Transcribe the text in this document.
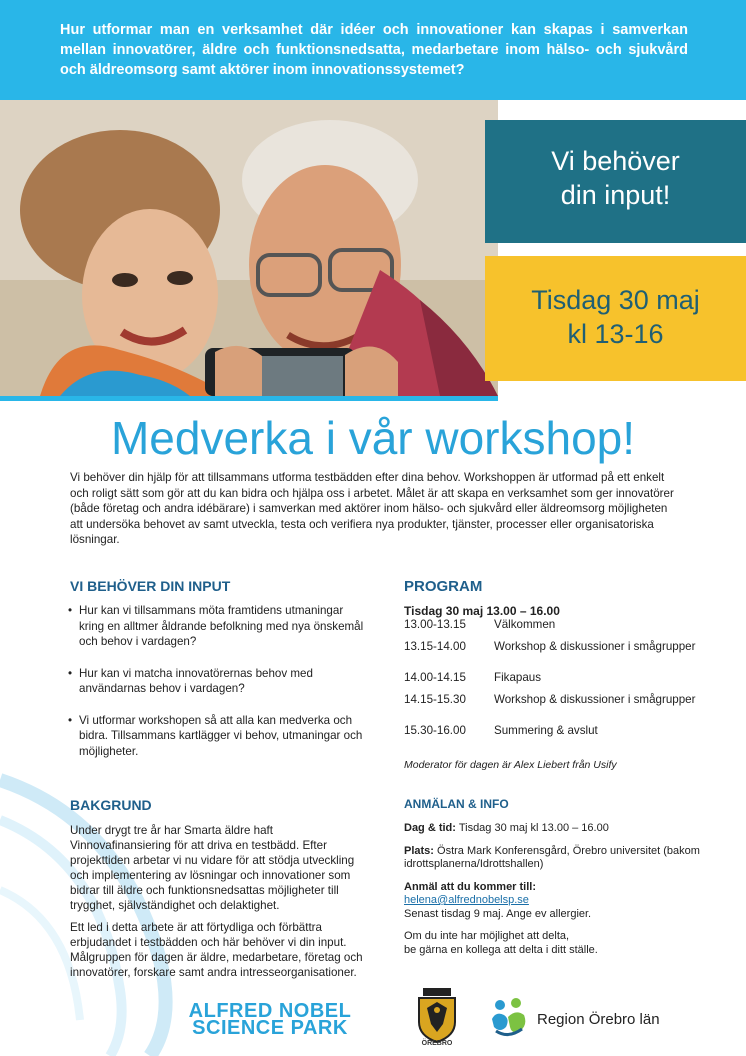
Hur utformar man en verksamhet där idéer och innovationer kan skapas i samverkan mellan innovatörer, äldre och funktionsnedsatta, medarbetare inom hälso- och sjukvård och äldreomsorg samt aktörer inom innovationssystemet?

Vi behöver
din input!
Tisdag 30 maj
kl 13-16
Medverka i vår workshop!

Vi behöver din hjälp för att tillsammans utforma testbädden efter dina behov. Workshoppen är utformad på ett enkelt och roligt sätt som gör att du kan bidra och hjälpa oss i arbetet. Målet är att skapa en verksamhet som ger innovatörer (både företag och andra idébärare) i samverkan med aktörer inom hälso- och sjukvård eller äldreomsorg möjligheten att undersöka behovet av samt utveckla, testa och verifiera nya produkter, tjänster, processer eller organisatoriska lösningar.

VI BEHÖVER DIN INPUT
• Hur kan vi tillsammans möta framtidens utmaningar kring en alltmer åldrande befolkning med nya önskemål och behov i vardagen?
• Hur kan vi matcha innovatörernas behov med användarnas behov i vardagen?
• Vi utformar workshopen så att alla kan medverka och bidra. Tillsammans kartlägger vi behov, utmaningar och möjligheter.
PROGRAM
Tisdag 30 maj 13.00 – 16.00
13.00-13.15	Välkommen
13.15-14.00	Workshop & diskussioner i smågrupper
14.00-14.15	Fikapaus
14.15-15.30	Workshop & diskussioner i smågrupper
15.30-16.00	Summering & avslut
Moderator för dagen är Alex Liebert från Usify
BAKGRUND

Under drygt tre år har Smarta äldre haft Vinnovafinansiering för att driva en testbädd. Efter projekttiden arbetar vi nu vidare för att stödja utveckling och implementering av lösningar och innovationer som bidrar till äldre och funktionsnedsattas möjligheter till trygghet, självständighet och delaktighet.

Ett led i detta arbete är att förtydliga och förbättra erbjudandet i testbädden och här behöver vi din input. Målgruppen för dagen är äldre, medarbetare, företag och innovatörer, forskare samt andra intresseorganisationer.

ANMÄLAN & INFO

Dag & tid: Tisdag 30 maj kl 13.00 – 16.00

Plats: Östra Mark Konferensgård, Örebro universitet (bakom idrottsplanerna/Idrottshallen)

Anmäl att du kommer till:
helena@alfrednobelsp.se
Senast tisdag 9 maj. Ange ev allergier.

Om du inte har möjlighet att delta,
be gärna en kollega att delta i ditt ställe.

ALFRED NOBEL
SCIENCE PARK
ÖREBRO
Region Örebro län
